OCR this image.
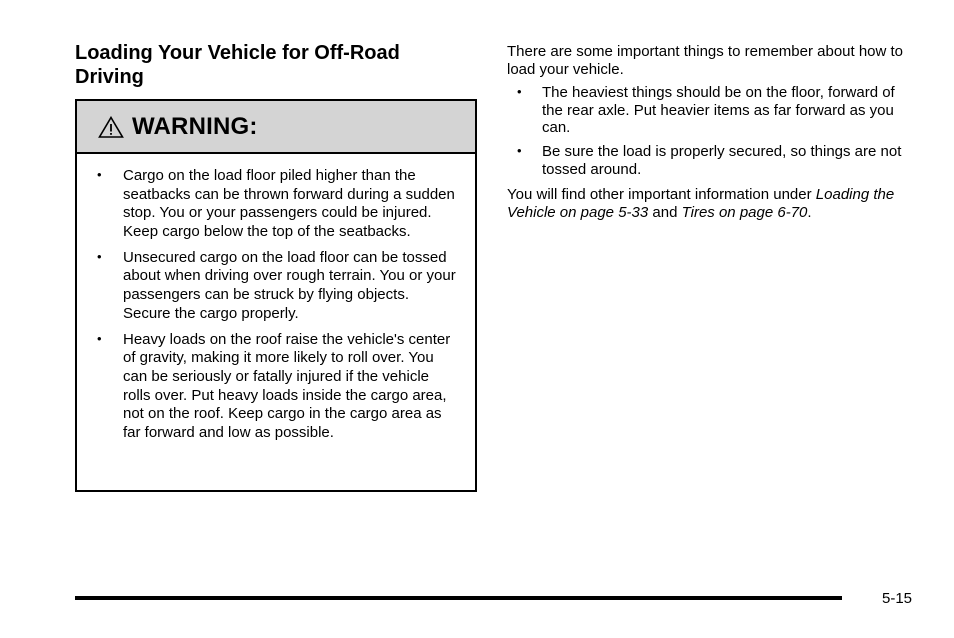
Loading Your Vehicle for Off-Road
Driving
WARNING:
• Cargo on the load floor piled higher than the seatbacks can be thrown forward during a sudden stop. You or your passengers could be injured. Keep cargo below the top of the seatbacks.
• Unsecured cargo on the load floor can be tossed about when driving over rough terrain. You or your passengers can be struck by flying objects. Secure the cargo properly.
• Heavy loads on the roof raise the vehicle's center of gravity, making it more likely to roll over. You can be seriously or fatally injured if the vehicle rolls over. Put heavy loads inside the cargo area, not on the roof. Keep cargo in the cargo area as far forward and low as possible.

There are some important things to remember about how to load your vehicle.

• The heaviest things should be on the floor, forward of the rear axle. Put heavier items as far forward as you can.
• Be sure the load is properly secured, so things are not tossed around.

You will find other important information under Loading the Vehicle on page 5-33 and Tires on page 6-70.

5-15
